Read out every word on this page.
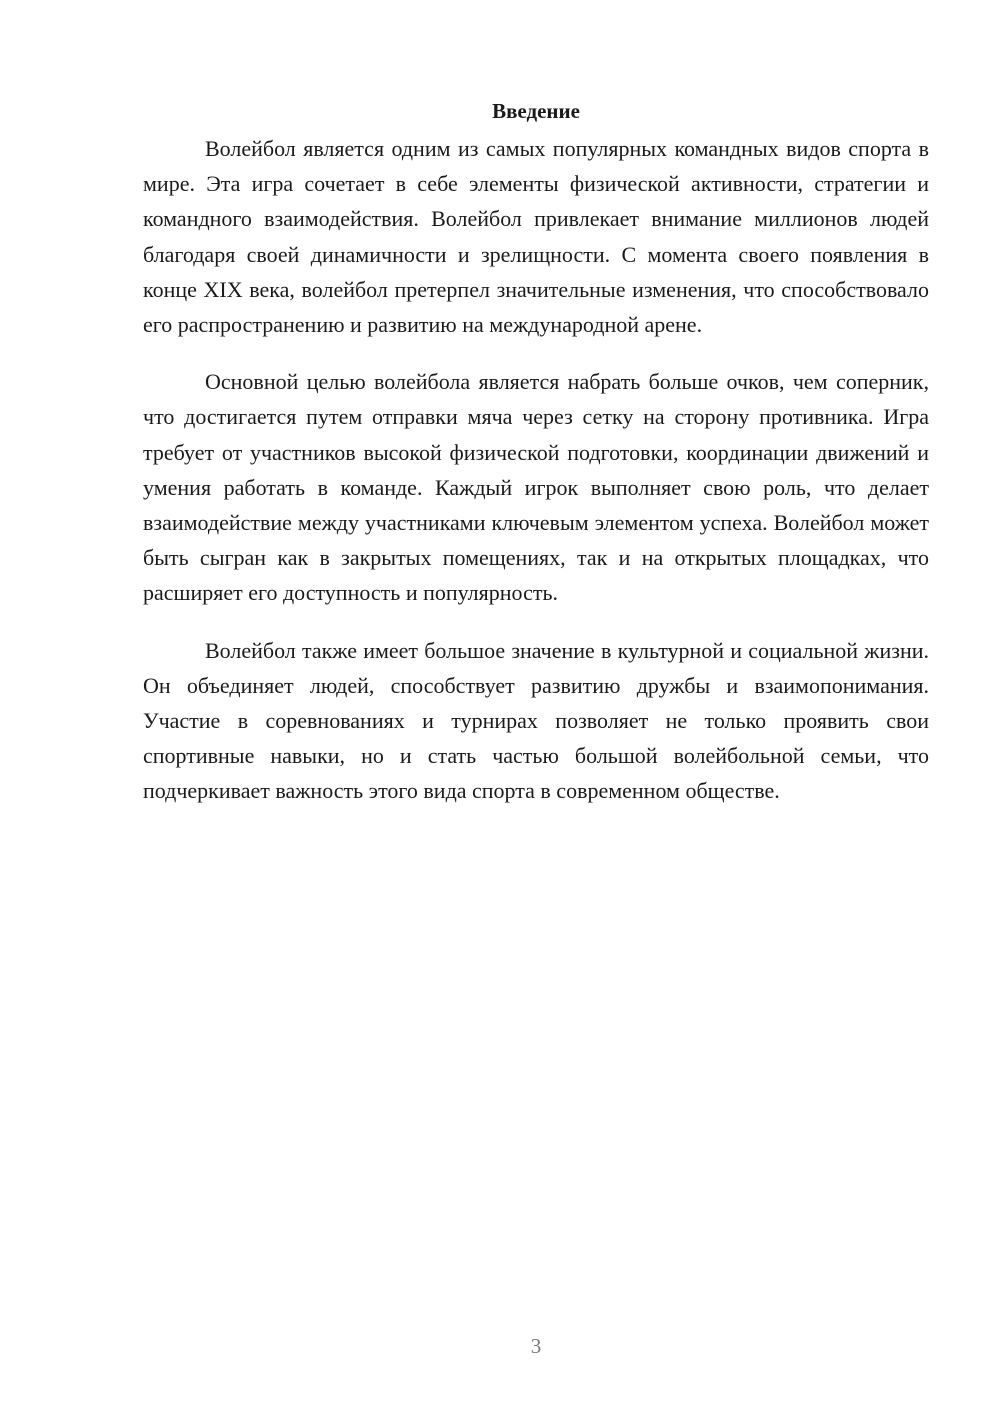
Введение

Волейбол является одним из самых популярных командных видов спорта в мире. Эта игра сочетает в себе элементы физической активности, стратегии и командного взаимодействия. Волейбол привлекает внимание миллионов людей благодаря своей динамичности и зрелищности. С момента своего появления в конце XIX века, волейбол претерпел значительные изменения, что способствовало его распространению и развитию на международной арене.

Основной целью волейбола является набрать больше очков, чем соперник, что достигается путем отправки мяча через сетку на сторону противника. Игра требует от участников высокой физической подготовки, координации движений и умения работать в команде. Каждый игрок выполняет свою роль, что делает взаимодействие между участниками ключевым элементом успеха. Волейбол может быть сыгран как в закрытых помещениях, так и на открытых площадках, что расширяет его доступность и популярность.

Волейбол также имеет большое значение в культурной и социальной жизни. Он объединяет людей, способствует развитию дружбы и взаимопонимания. Участие в соревнованиях и турнирах позволяет не только проявить свои спортивные навыки, но и стать частью большой волейбольной семьи, что подчеркивает важность этого вида спорта в современном обществе.

3
